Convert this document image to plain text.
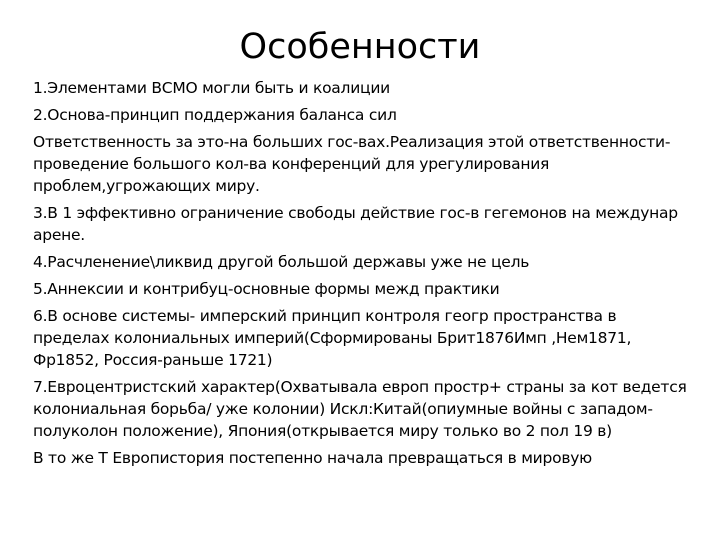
Особенности
1.Элементами ВСМО могли быть и коалиции
2.Основа-принцип поддержания баланса сил
Ответственность за это-на больших гос-вах.Реализация этой ответственности-проведение большого кол-ва конференций для урегулирования проблем,угрожающих миру.
3.В 1 эффективно ограничение свободы действие гос-в гегемонов на междунар арене.
4.Расчленение\ликвид другой большой державы уже не цель
5.Аннексии и контрибуц-основные формы межд практики
6.В основе системы- имперский принцип контроля геогр пространства в пределах колониальных империй(Сформированы Брит1876Имп ,Нем1871, Фр1852, Россия-раньше 1721)
7.Евроцентристский характер(Охватывала европ простр+ страны за кот ведется колониальная борьба/ уже колонии) Искл:Китай(опиумные войны с западом-полуколон положение), Япония(открывается миру только во 2 пол 19 в)
В то же Т Европистория постепенно начала превращаться в мировую
